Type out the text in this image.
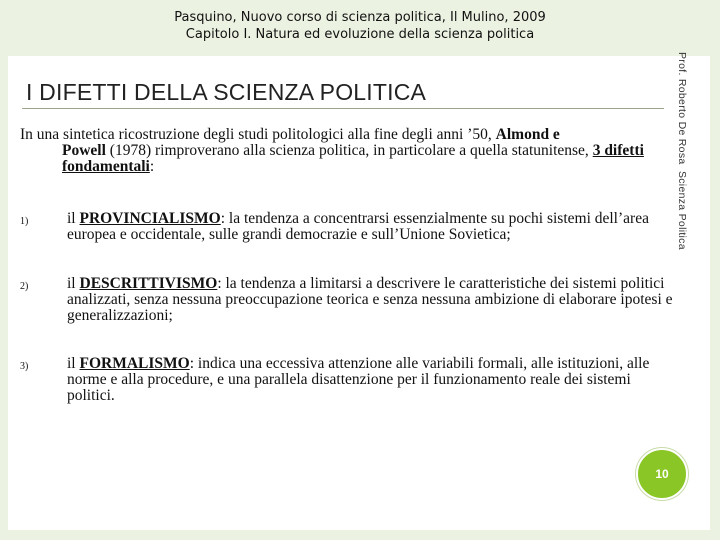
Pasquino, Nuovo corso di scienza politica, Il Mulino, 2009
Capitolo I. Natura ed evoluzione della scienza politica
I DIFETTI DELLA SCIENZA POLITICA	Prof. Roberto De Rosa  Scienza Politica

In una sintetica ricostruzione degli studi politologici alla fine degli anni ’50, Almond e
Powell (1978) rimproverano alla scienza politica, in particolare a quella statunitense, 3 difetti fondamentali:

1) il PROVINCIALISMO: la tendenza a concentrarsi essenzialmente su pochi sistemi dell’area europea e occidentale, sulle grandi democrazie e sull’Unione Sovietica;
2) il DESCRITTIVISMO: la tendenza a limitarsi a descrivere le caratteristiche dei sistemi politici analizzati, senza nessuna preoccupazione teorica e senza nessuna ambizione di elaborare ipotesi e generalizzazioni;
3) il FORMALISMO: indica una eccessiva attenzione alle variabili formali, alle istituzioni, alle norme e alla procedure, e una parallela disattenzione per il funzionamento reale dei sistemi politici.
10
